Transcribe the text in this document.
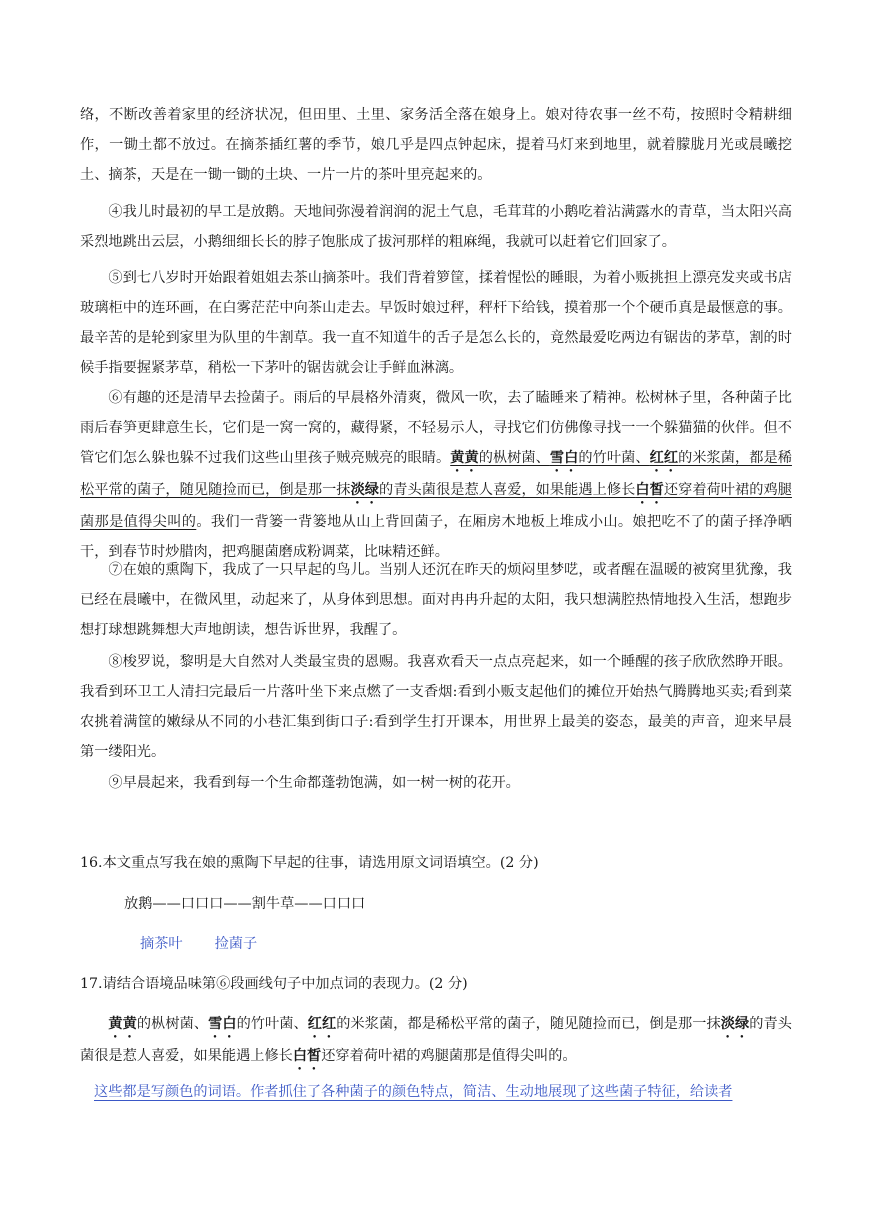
络，不断改善着家里的经济状况，但田里、土里、家务活全落在娘身上。娘对待农事一丝不苟，按照时令精耕细作，一锄土都不放过。在摘茶插红薯的季节，娘几乎是四点钟起床，提着马灯来到地里，就着朦胧月光或晨曦挖土、摘茶，天是在一锄一锄的土块、一片一片的茶叶里亮起来的。

④我儿时最初的早工是放鹅。天地间弥漫着润润的泥土气息，毛茸茸的小鹅吃着沾满露水的青草，当太阳兴高采烈地跳出云层，小鹅细细长长的脖子饱胀成了拔河那样的粗麻绳，我就可以赶着它们回家了。

⑤到七八岁时开始跟着姐姐去茶山摘茶叶。我们背着箩筐，揉着惺忪的睡眼，为着小贩挑担上漂亮发夹或书店玻璃柜中的连环画，在白雾茫茫中向茶山走去。早饭时娘过秤，秤杆下给钱，摸着那一个个硬币真是最惬意的事。最辛苦的是轮到家里为队里的牛割草。我一直不知道牛的舌子是怎么长的，竟然最爱吃两边有锯齿的茅草，割的时候手指要握紧茅草，稍松一下茅叶的锯齿就会让手鲜血淋漓。

⑥有趣的还是清早去捡菌子。雨后的早晨格外清爽，微风一吹，去了瞌睡来了精神。松树林子里，各种菌子比雨后春笋更肆意生长，它们是一窝一窝的，藏得紧，不轻易示人，寻找它们仿佛像寻找一一个躲猫猫的伙伴。但不管它们怎么躲也躲不过我们这些山里孩子贼亮贼亮的眼睛。黄黄的枞树菌、雪白的竹叶菌、红红的米浆菌，都是稀松平常的菌子，随见随捡而已，倒是那一抹淡绿的青头菌很是惹人喜爱，如果能遇上修长白皙还穿着荷叶裙的鸡腿菌那是值得尖叫的。我们一背篓一背篓地从山上背回菌子，在厢房木地板上堆成小山。娘把吃不了的菌子择净晒干，到春节时炒腊肉，把鸡腿菌磨成粉调菜，比味精还鲜。

⑦在娘的熏陶下，我成了一只早起的鸟儿。当别人还沉在昨天的烦闷里梦呓，或者醒在温暖的被窝里犹豫，我已经在晨曦中，在微风里，动起来了，从身体到思想。面对冉冉升起的太阳，我只想满腔热情地投入生活，想跑步想打球想跳舞想大声地朗读，想告诉世界，我醒了。

⑧梭罗说，黎明是大自然对人类最宝贵的恩赐。我喜欢看天一点点亮起来，如一个睡醒的孩子欣欣然睁开眼。我看到环卫工人清扫完最后一片落叶坐下来点燃了一支香烟:看到小贩支起他们的摊位开始热气腾腾地买卖;看到菜农挑着满筐的嫩绿从不同的小巷汇集到街口子:看到学生打开课本，用世界上最美的姿态，最美的声音，迎来早晨第一缕阳光。

⑨早晨起来，我看到每一个生命都蓬勃饱满，如一树一树的花开。

16.本文重点写我在娘的熏陶下早起的往事，请选用原文词语填空。(2 分)

放鹅——口口口——割牛草——口口口

摘茶叶 捡菌子

17.请结合语境品味第⑥段画线句子中加点词的表现力。(2 分)

黄黄的枞树菌、雪白的竹叶菌、红红的米浆菌，都是稀松平常的菌子，随见随捡而已，倒是那一抹淡绿的青头菌很是惹人喜爱，如果能遇上修长白皙还穿着荷叶裙的鸡腿菌那是值得尖叫的。

这些都是写颜色的词语。作者抓住了各种菌子的颜色特点，简洁、生动地展现了这些菌子特征，给读者
